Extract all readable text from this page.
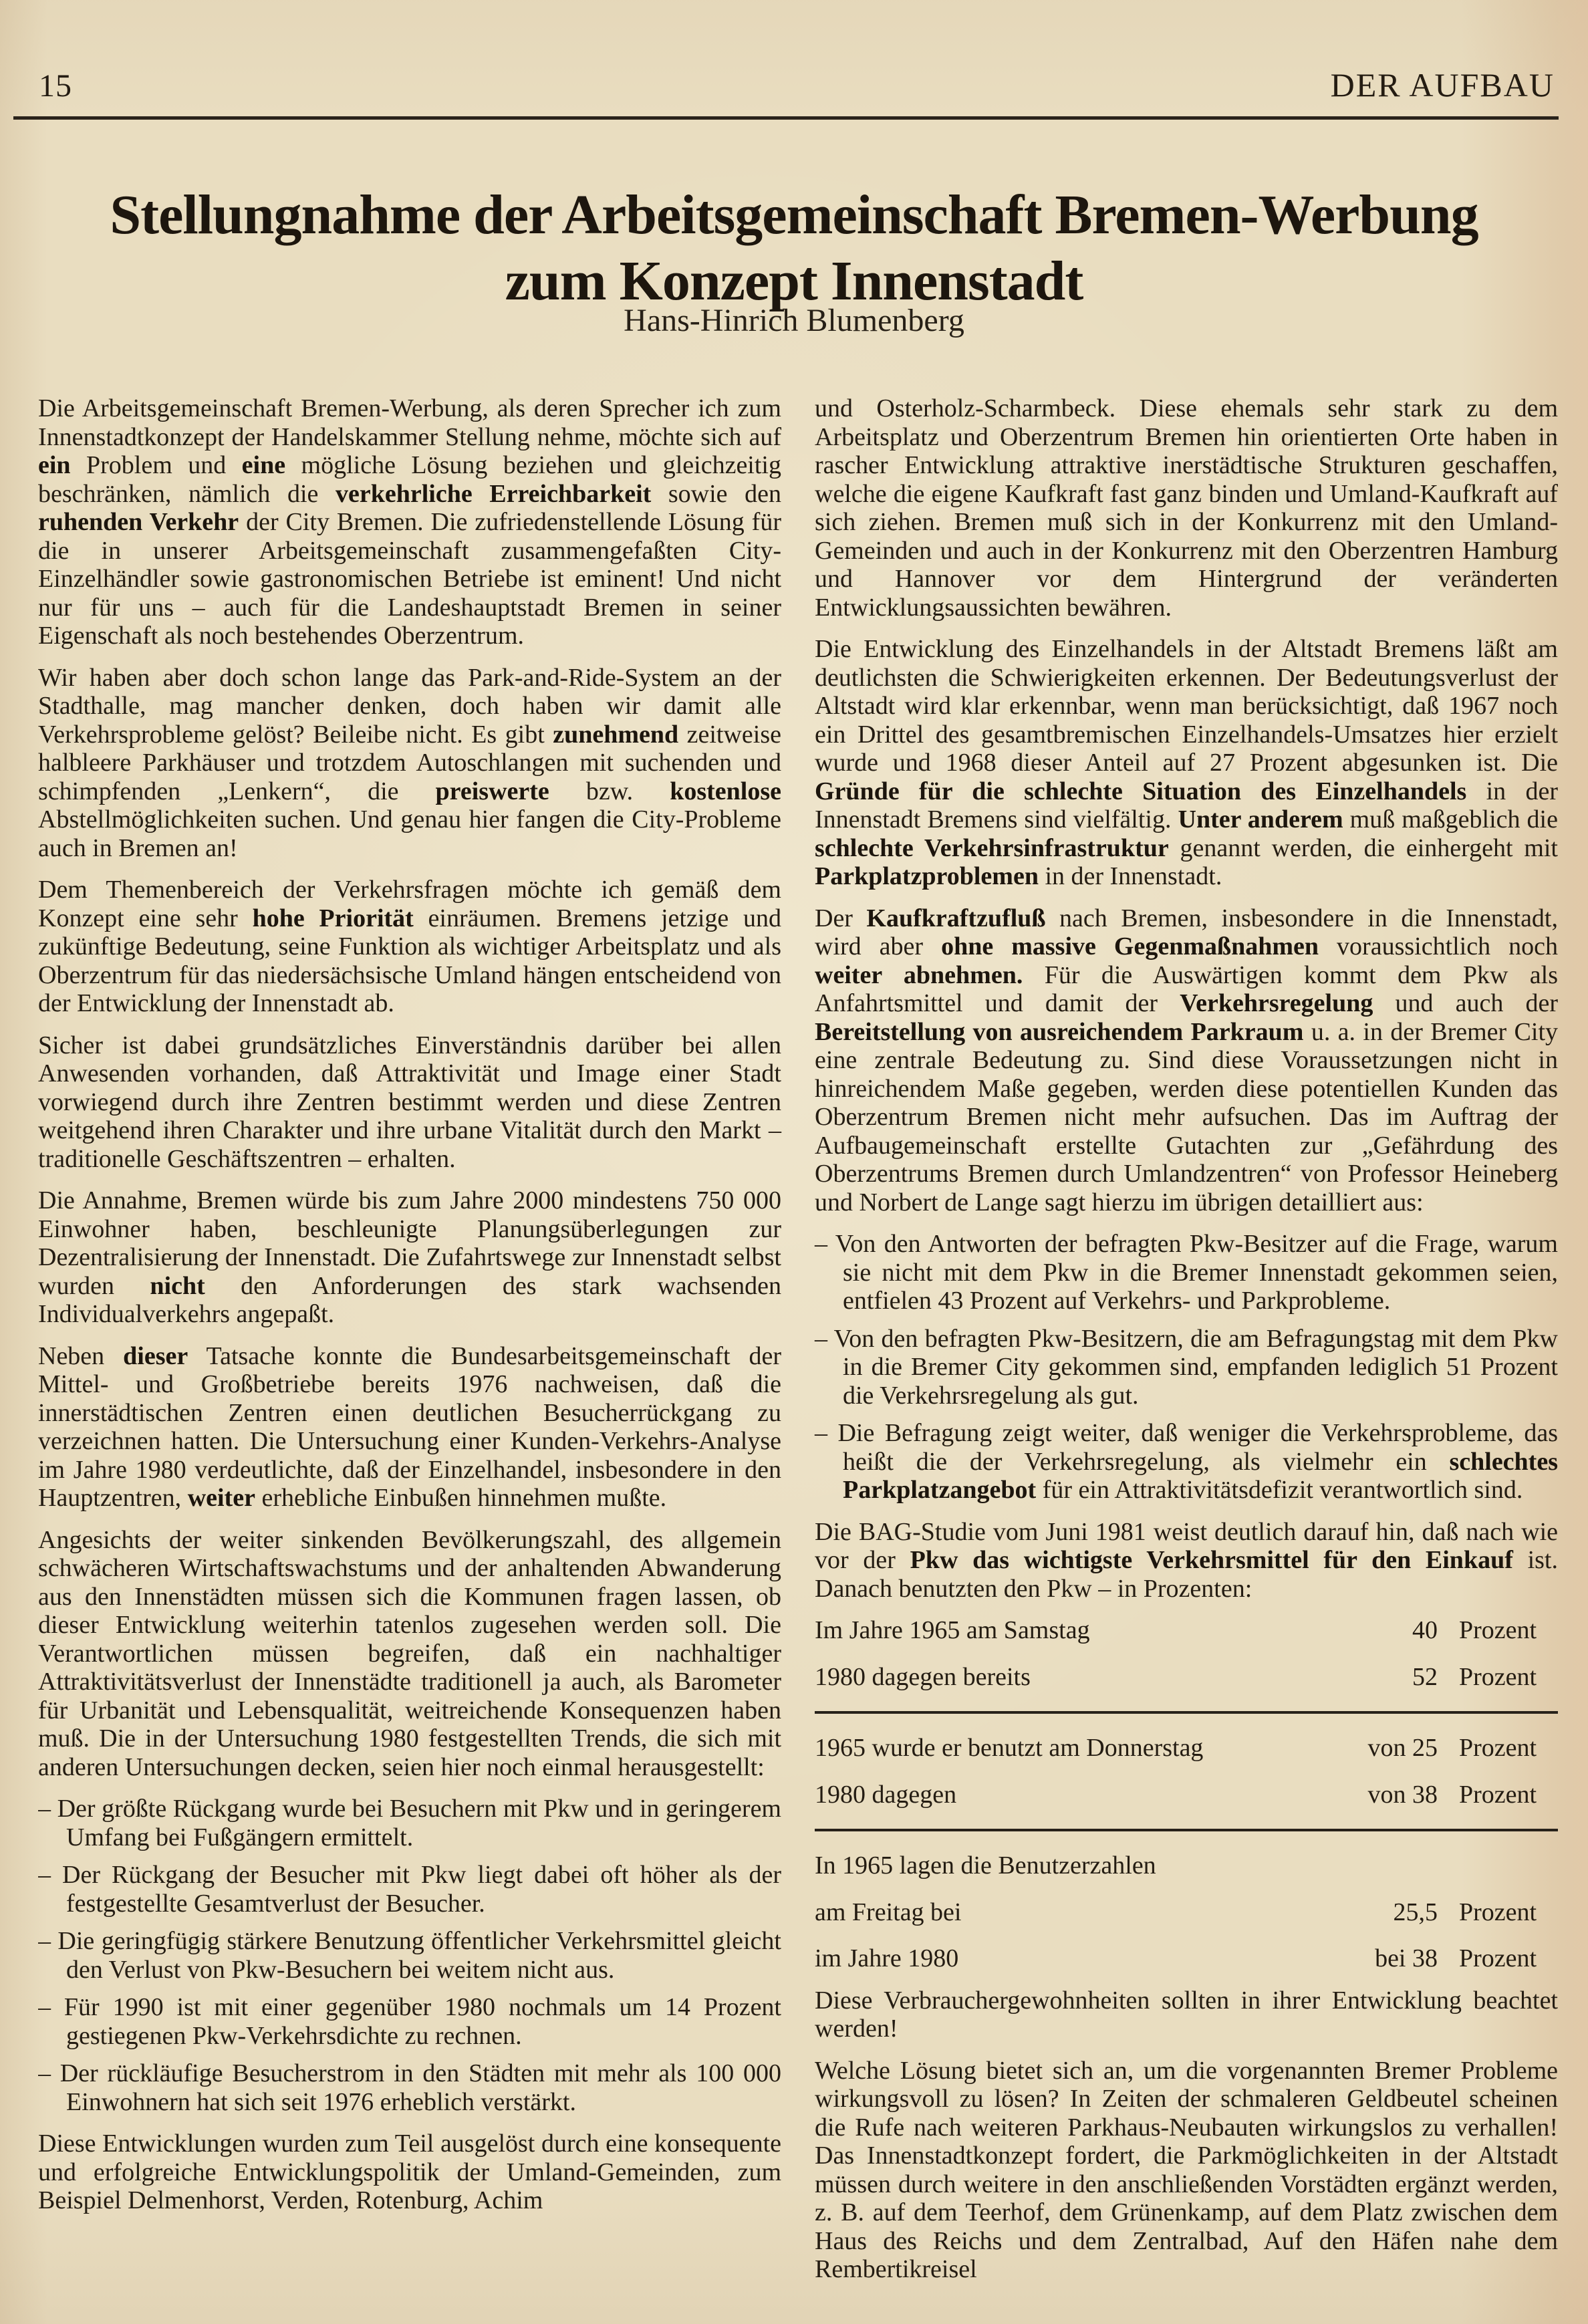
15	DER AUFBAU
Stellungnahme der Arbeitsgemeinschaft Bremen-Werbung
zum Konzept Innenstadt
Hans-Hinrich Blumenberg

Die Arbeitsgemeinschaft Bremen-Werbung, als deren Sprecher ich zum Innenstadtkonzept der Handelskammer Stellung nehme, möchte sich auf ein Problem und eine mögliche Lösung beziehen und gleichzeitig beschränken, nämlich die verkehrliche Erreichbarkeit sowie den ruhenden Verkehr der City Bremen. Die zufriedenstellende Lösung für die in unserer Arbeitsgemeinschaft zusammengefaßten City-Einzelhändler sowie gastronomischen Betriebe ist eminent! Und nicht nur für uns – auch für die Landeshauptstadt Bremen in seiner Eigenschaft als noch bestehendes Oberzentrum.

Wir haben aber doch schon lange das Park-and-Ride-System an der Stadthalle, mag mancher denken, doch haben wir damit alle Verkehrsprobleme gelöst? Beileibe nicht. Es gibt zunehmend zeitweise halbleere Parkhäuser und trotzdem Autoschlangen mit suchenden und schimpfenden „Lenkern“, die preiswerte bzw. kostenlose Abstellmöglichkeiten suchen. Und genau hier fangen die City-Probleme auch in Bremen an!

Dem Themenbereich der Verkehrsfragen möchte ich gemäß dem Konzept eine sehr hohe Priorität einräumen. Bremens jetzige und zukünftige Bedeutung, seine Funktion als wichtiger Arbeitsplatz und als Oberzentrum für das niedersächsische Umland hängen entscheidend von der Entwicklung der Innenstadt ab.

Sicher ist dabei grundsätzliches Einverständnis darüber bei allen Anwesenden vorhanden, daß Attraktivität und Image einer Stadt vorwiegend durch ihre Zentren bestimmt werden und diese Zentren weitgehend ihren Charakter und ihre urbane Vitalität durch den Markt – traditionelle Geschäftszentren – erhalten.

Die Annahme, Bremen würde bis zum Jahre 2000 mindestens 750 000 Einwohner haben, beschleunigte Planungsüberlegungen zur Dezentralisierung der Innenstadt. Die Zufahrtswege zur Innenstadt selbst wurden nicht den Anforderungen des stark wachsenden Individualverkehrs angepaßt.

Neben dieser Tatsache konnte die Bundesarbeitsgemeinschaft der Mittel- und Großbetriebe bereits 1976 nachweisen, daß die innerstädtischen Zentren einen deutlichen Besucherrückgang zu verzeichnen hatten. Die Untersuchung einer Kunden-Verkehrs-Analyse im Jahre 1980 verdeutlichte, daß der Einzelhandel, insbesondere in den Hauptzentren, weiter erhebliche Einbußen hinnehmen mußte.

Angesichts der weiter sinkenden Bevölkerungszahl, des allgemein schwächeren Wirtschaftswachstums und der anhaltenden Abwanderung aus den Innenstädten müssen sich die Kommunen fragen lassen, ob dieser Entwicklung weiterhin tatenlos zugesehen werden soll. Die Verantwortlichen müssen begreifen, daß ein nachhaltiger Attraktivitätsverlust der Innenstädte traditionell ja auch, als Barometer für Urbanität und Lebensqualität, weitreichende Konsequenzen haben muß. Die in der Untersuchung 1980 festgestellten Trends, die sich mit anderen Untersuchungen decken, seien hier noch einmal herausgestellt:

– Der größte Rückgang wurde bei Besuchern mit Pkw und in geringerem Umfang bei Fußgängern ermittelt.
– Der Rückgang der Besucher mit Pkw liegt dabei oft höher als der festgestellte Gesamtverlust der Besucher.
– Die geringfügig stärkere Benutzung öffentlicher Verkehrsmittel gleicht den Verlust von Pkw-Besuchern bei weitem nicht aus.
– Für 1990 ist mit einer gegenüber 1980 nochmals um 14 Prozent gestiegenen Pkw-Verkehrsdichte zu rechnen.
– Der rückläufige Besucherstrom in den Städten mit mehr als 100 000 Einwohnern hat sich seit 1976 erheblich verstärkt.

Diese Entwicklungen wurden zum Teil ausgelöst durch eine konsequente und erfolgreiche Entwicklungspolitik der Umland-Gemeinden, zum Beispiel Delmenhorst, Verden, Rotenburg, Achim

und Osterholz-Scharmbeck. Diese ehemals sehr stark zu dem Arbeitsplatz und Oberzentrum Bremen hin orientierten Orte haben in rascher Entwicklung attraktive inerstädtische Strukturen geschaffen, welche die eigene Kaufkraft fast ganz binden und Umland-Kaufkraft auf sich ziehen. Bremen muß sich in der Konkurrenz mit den Umland-Gemeinden und auch in der Konkurrenz mit den Oberzentren Hamburg und Hannover vor dem Hintergrund der veränderten Entwicklungsaussichten bewähren.

Die Entwicklung des Einzelhandels in der Altstadt Bremens läßt am deutlichsten die Schwierigkeiten erkennen. Der Bedeutungsverlust der Altstadt wird klar erkennbar, wenn man berücksichtigt, daß 1967 noch ein Drittel des gesamtbremischen Einzelhandels-Umsatzes hier erzielt wurde und 1968 dieser Anteil auf 27 Prozent abgesunken ist. Die Gründe für die schlechte Situation des Einzelhandels in der Innenstadt Bremens sind vielfältig. Unter anderem muß maßgeblich die schlechte Verkehrsinfrastruktur genannt werden, die einhergeht mit Parkplatzproblemen in der Innenstadt.

Der Kaufkraftzufluß nach Bremen, insbesondere in die Innenstadt, wird aber ohne massive Gegenmaßnahmen voraussichtlich noch weiter abnehmen. Für die Auswärtigen kommt dem Pkw als Anfahrtsmittel und damit der Verkehrsregelung und auch der Bereitstellung von ausreichendem Parkraum u. a. in der Bremer City eine zentrale Bedeutung zu. Sind diese Voraussetzungen nicht in hinreichendem Maße gegeben, werden diese potentiellen Kunden das Oberzentrum Bremen nicht mehr aufsuchen. Das im Auftrag der Aufbaugemeinschaft erstellte Gutachten zur „Gefährdung des Oberzentrums Bremen durch Umlandzentren“ von Professor Heineberg und Norbert de Lange sagt hierzu im übrigen detailliert aus:

– Von den Antworten der befragten Pkw-Besitzer auf die Frage, warum sie nicht mit dem Pkw in die Bremer Innenstadt gekommen seien, entfielen 43 Prozent auf Verkehrs- und Parkprobleme.
– Von den befragten Pkw-Besitzern, die am Befragungstag mit dem Pkw in die Bremer City gekommen sind, empfanden lediglich 51 Prozent die Verkehrsregelung als gut.
– Die Befragung zeigt weiter, daß weniger die Verkehrsprobleme, das heißt die der Verkehrsregelung, als vielmehr ein schlechtes Parkplatzangebot für ein Attraktivitätsdefizit verantwortlich sind.

Die BAG-Studie vom Juni 1981 weist deutlich darauf hin, daß nach wie vor der Pkw das wichtigste Verkehrsmittel für den Einkauf ist. Danach benutzten den Pkw – in Prozenten:

Im Jahre 1965 am Samstag	40 Prozent
1980 dagegen bereits	52 Prozent
1965 wurde er benutzt am Donnerstag	von 25 Prozent
1980 dagegen	von 38 Prozent
In 1965 lagen die Benutzerzahlen
am Freitag bei	25,5 Prozent
im Jahre 1980	bei 38 Prozent

Diese Verbrauchergewohnheiten sollten in ihrer Entwicklung beachtet werden!

Welche Lösung bietet sich an, um die vorgenannten Bremer Probleme wirkungsvoll zu lösen? In Zeiten der schmaleren Geldbeutel scheinen die Rufe nach weiteren Parkhaus-Neubauten wirkungslos zu verhallen! Das Innenstadtkonzept fordert, die Parkmöglichkeiten in der Altstadt müssen durch weitere in den anschließenden Vorstädten ergänzt werden, z. B. auf dem Teerhof, dem Grünenkamp, auf dem Platz zwischen dem Haus des Reichs und dem Zentralbad, Auf den Häfen nahe dem Rembertikreisel
